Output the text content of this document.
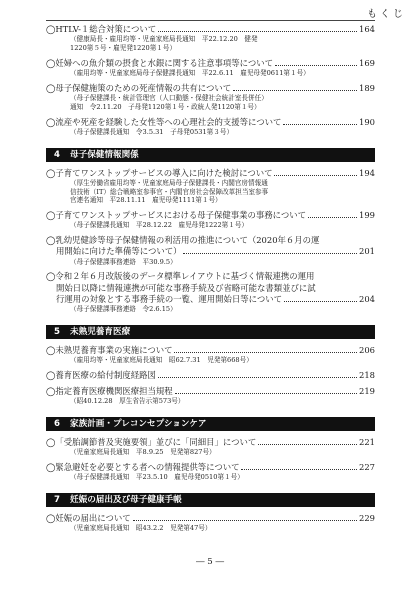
もくじ
◯HTLV-１総合対策について	164
（健康局長・雇用均等・児童家庭局長通知　平22.12.20　健発
1220第５号・雇児発1220第１号）
◯妊婦への魚介類の摂食と水銀に関する注意事項等について	169
（雇用均等・児童家庭局母子保健課長通知　平22.6.11　雇児母発0611第１号）
◯母子保健施策のための死産情報の共有について	189
（母子保健課長・統計管理官（人口動態・保健社会統計室長併任）
通知　令2.11.20　子母発1120第１号・政統人発1120第１号）
◯流産や死産を経験した女性等への心理社会的支援等について	190
（母子保健課長通知　令3.5.31　子母発0531第３号）
4 母子保健情報関係
◯子育てワンストップサービスの導入に向けた検討について	194
（厚生労働省雇用均等・児童家庭局母子保健課長・内閣官房情報通
信技術（IT）総合戦略室参事官・内閣官房社会保障改革担当室参事
官連名通知　平28.11.11　雇児母発1111第１号）
◯子育てワンストップサービスにおける母子保健事業の事務について	199
（母子保健課長通知　平28.12.22　雇児母発1222第１号）
◯乳幼児健診等母子保健情報の利活用の推進について（2020年６月の運
用開始に向けた準備等について）	201
（母子保健課事務連絡　平30.9.5）
◯令和２年６月改版後のデータ標準レイアウトに基づく情報連携の運用
開始日以降に情報連携が可能な事務手続及び省略可能な書類並びに試
行運用の対象とする事務手続の一覧、運用開始日等について	204
（母子保健課事務連絡　令2.6.15）
5 未熟児養育医療
◯未熟児養育事業の実施について	206
（雇用均等・児童家庭局長通知　昭62.7.31　児発第668号）
◯養育医療の給付制度経路図	218
◯指定養育医療機関医療担当規程	219
（昭40.12.28　厚生省告示第573号）
6 家族計画・プレコンセプションケア
◯「受胎調節普及実施要領」並びに「同細目」について	221
（児童家庭局長通知　平8.9.25　児発第827号）
◯緊急避妊を必要とする者への情報提供等について	227
（母子保健課長通知　平23.5.10　雇児母発0510第１号）
7 妊娠の届出及び母子健康手帳
◯妊娠の届出について	229
（児童家庭局長通知　昭43.2.2　児発第47号）
― 5 ―
